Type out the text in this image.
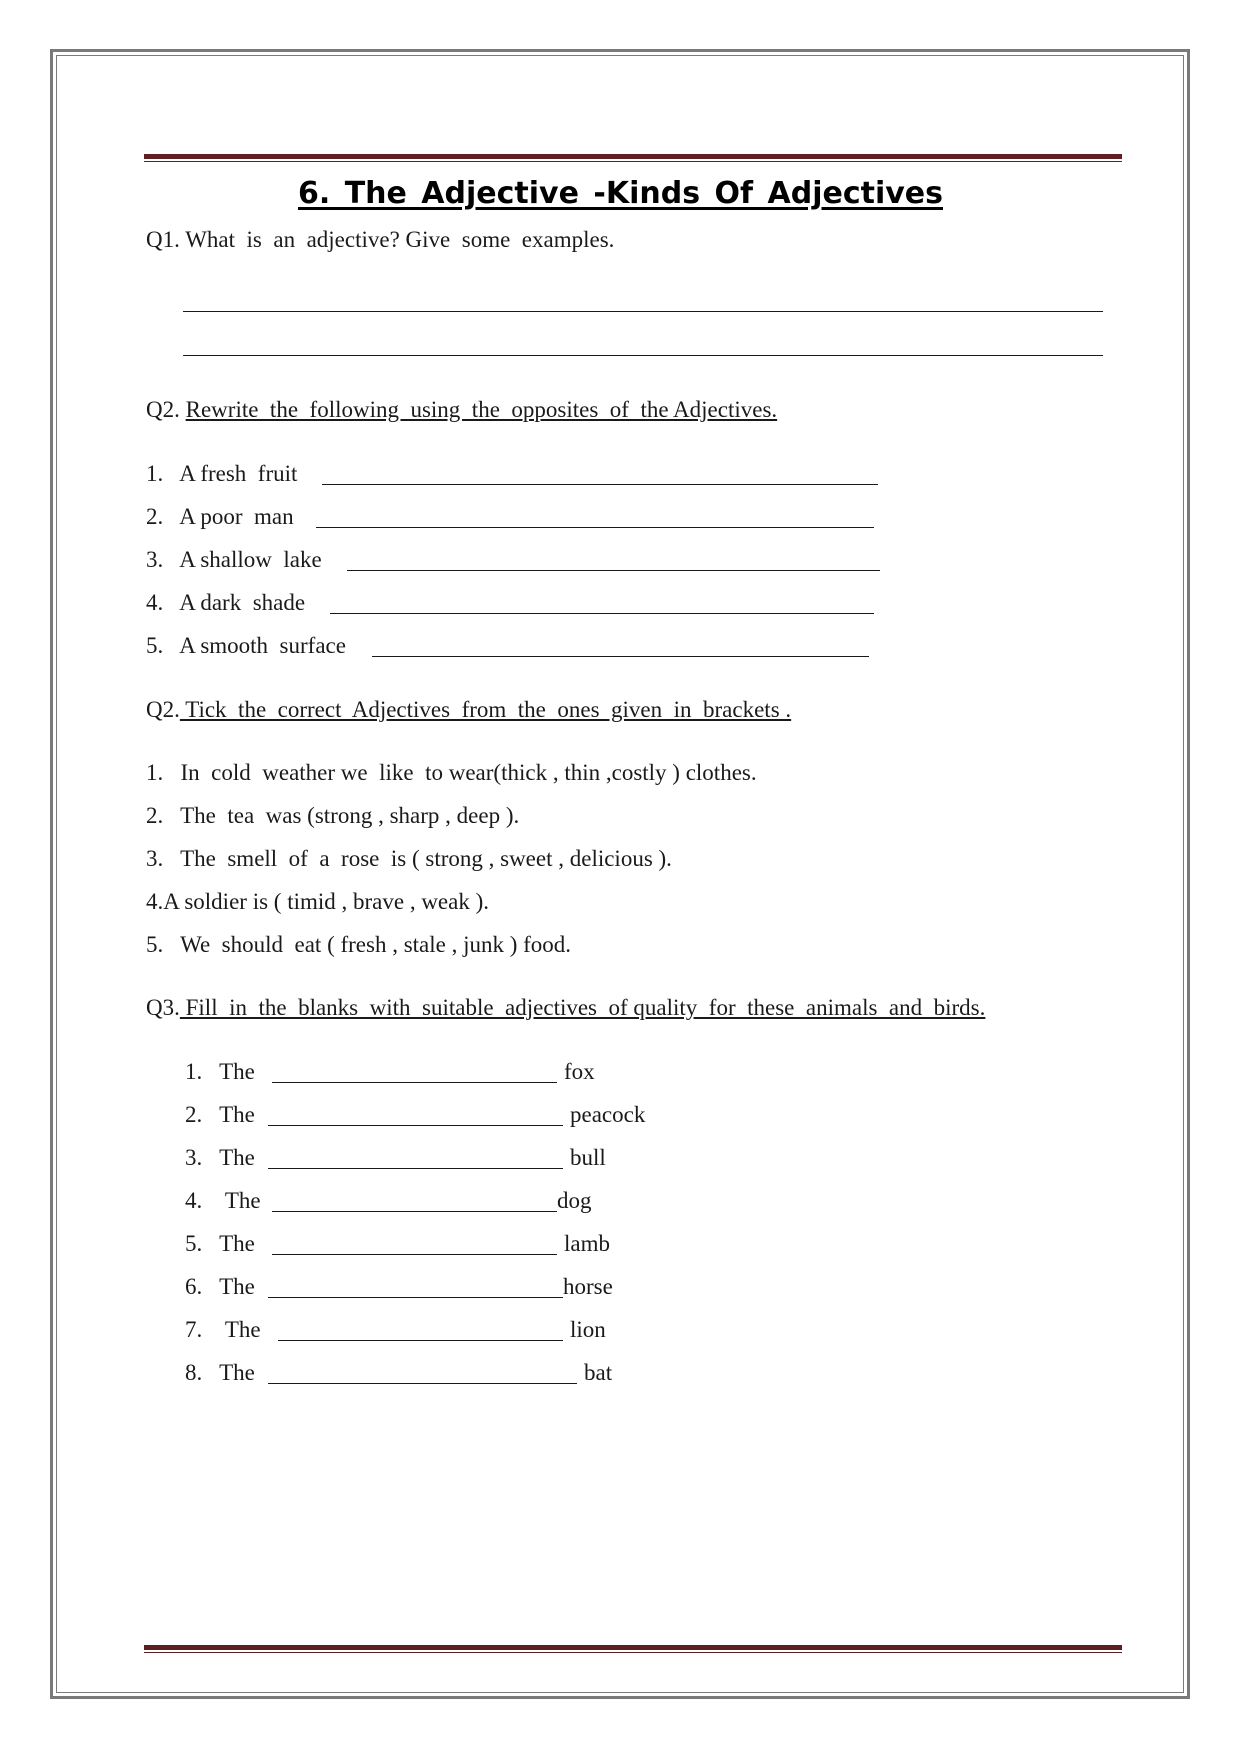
6. The Adjective -Kinds Of Adjectives
Q1. What  is  an  adjective? Give  some  examples.
Q2. Rewrite  the  following  using  the  opposites  of  the Adjectives.
1. A fresh  fruit
2. A poor  man
3. A shallow  lake
4. A dark  shade
5. A smooth  surface
Q2. Tick  the  correct  Adjectives  from  the  ones  given  in  brackets .
1. In  cold  weather we  like  to wear(thick , thin ,costly ) clothes.
2. The  tea  was (strong , sharp , deep ).
3. The  smell  of  a  rose  is ( strong , sweet , delicious ).
4.A soldier is ( timid , brave , weak ).
5. We  should  eat ( fresh , stale , junk ) food.
Q3. Fill  in  the  blanks  with  suitable  adjectives  of quality  for  these  animals  and  birds.
1. The	fox
2. The	peacock
3. The	bull
4. The	dog
5. The	lamb
6. The	horse
7. The	lion
8. The	bat
